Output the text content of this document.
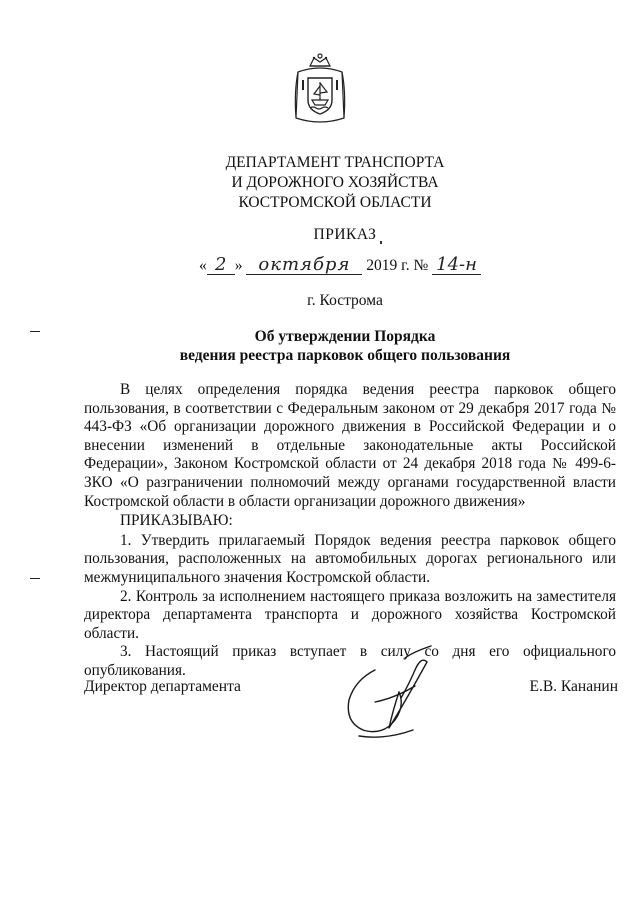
ДЕПАРТАМЕНТ ТРАНСПОРТА
И ДОРОЖНОГО ХОЗЯЙСТВА
КОСТРОМСКОЙ ОБЛАСТИ
ПРИКАЗ
« 2 » октября 2019 г. № 14-н
г. Кострома
Об утверждении Порядка
ведения реестра парковок общего пользования

В целях определения порядка ведения реестра парковок общего пользования, в соответствии с Федеральным законом от 29 декабря 2017 года № 443-ФЗ «Об организации дорожного движения в Российской Федерации и о внесении изменений в отдельные законодательные акты Российской Федерации», Законом Костромской области от 24 декабря 2018 года № 499-6-ЗКО «О разграничении полномочий между органами государственной власти Костромской области в области организации дорожного движения»

ПРИКАЗЫВАЮ:

1. Утвердить прилагаемый Порядок ведения реестра парковок общего пользования, расположенных на автомобильных дорогах регионального или межмуниципального значения Костромской области.

2. Контроль за исполнением настоящего приказа возложить на заместителя директора департамента транспорта и дорожного хозяйства Костромской области.

3. Настоящий приказ вступает в силу со дня его официального опубликования.

Директор департамента	Е.В. Кананин
